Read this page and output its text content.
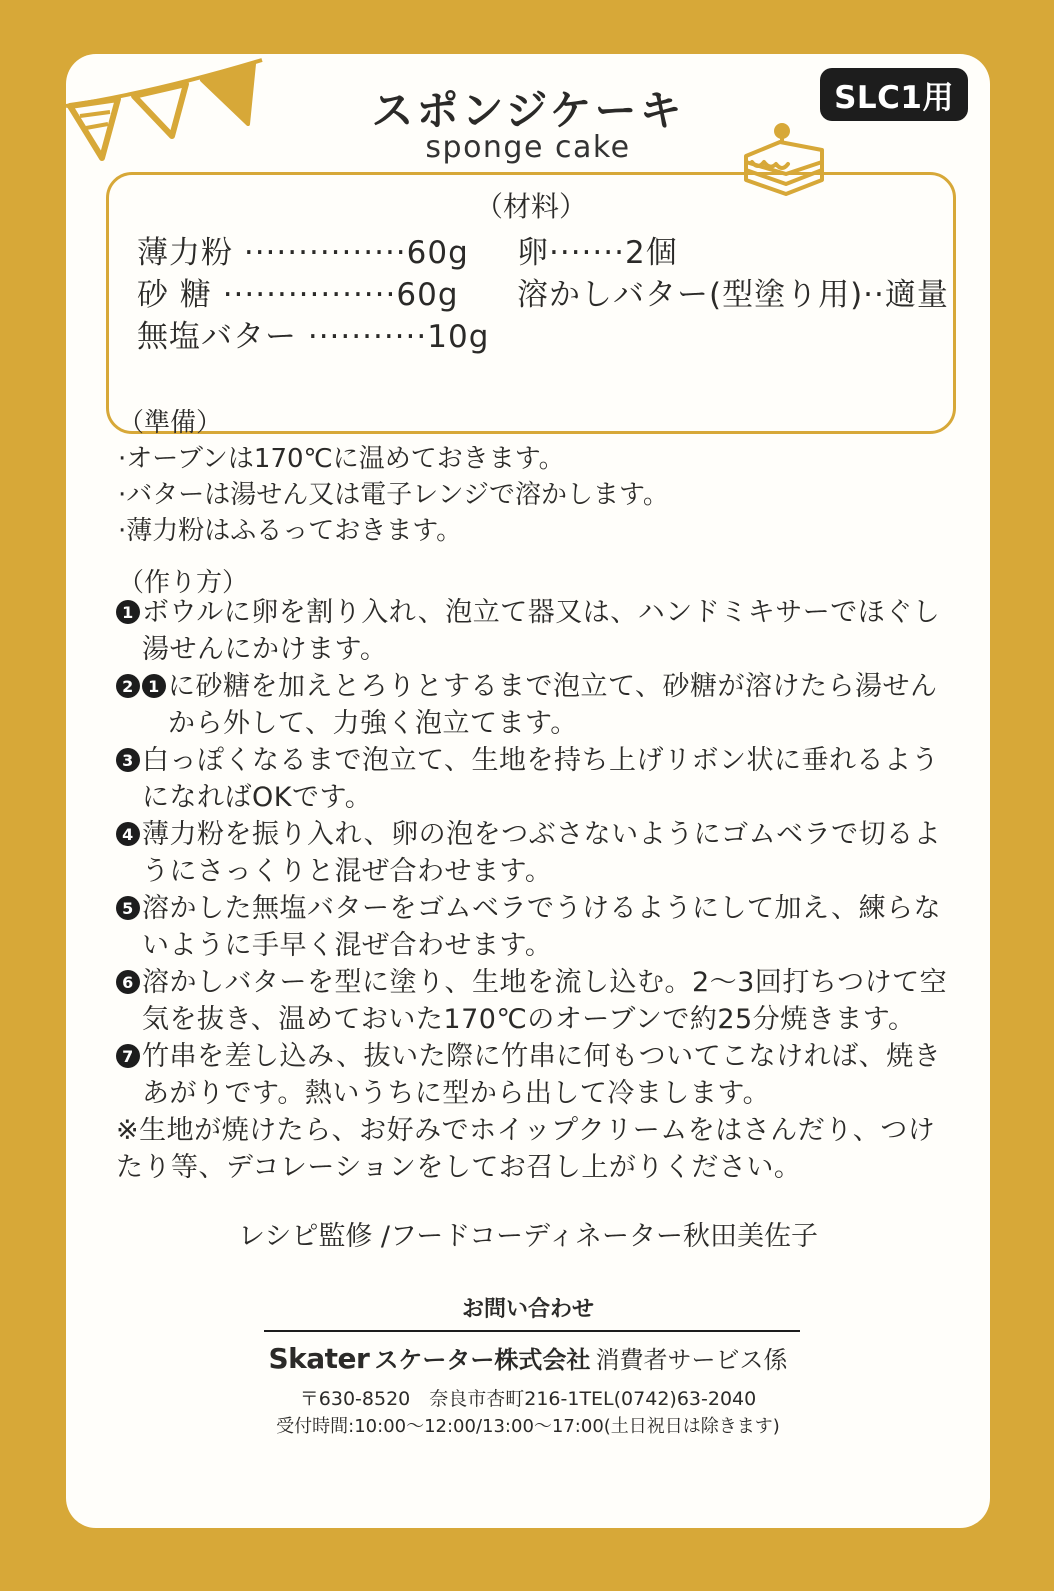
SLC1用
スポンジケーキ
sponge cake
（材料）
薄力粉 ···············60g
砂 糖 ················60g
無塩バター ···········10g
卵·······2個
溶かしバター(型塗り用)··適量
（準備）
·オーブンは170℃に温めておきます。
·バターは湯せん又は電子レンジで溶かします。
·薄力粉はふるっておきます。
（作り方）
1 ボウルに卵を割り入れ、泡立て器又は、ハンドミキサーでほぐし湯せんにかけます。
2 1 に砂糖を加えとろりとするまで泡立て、砂糖が溶けたら湯せんから外して、力強く泡立てます。
3 白っぽくなるまで泡立て、生地を持ち上げリボン状に垂れるようになればOKです。
4 薄力粉を振り入れ、卵の泡をつぶさないようにゴムベラで切るようにさっくりと混ぜ合わせます。
5 溶かした無塩バターをゴムベラでうけるようにして加え、練らないように手早く混ぜ合わせます。
6 溶かしバターを型に塗り、生地を流し込む。2〜3回打ちつけて空気を抜き、温めておいた170℃のオーブンで約25分焼きます。
7 竹串を差し込み、抜いた際に竹串に何もついてこなければ、焼きあがりです。熱いうちに型から出して冷まします。
※生地が焼けたら、お好みでホイップクリームをはさんだり、つけたり等、デコレーションをしてお召し上がりください。
レシピ監修 /フードコーディネーター秋田美佐子
お問い合わせ
Skater スケーター株式会社 消費者サービス係
〒630-8520　奈良市杏町216-1TEL(0742)63-2040
受付時間:10:00〜12:00/13:00〜17:00(土日祝日は除きます)
